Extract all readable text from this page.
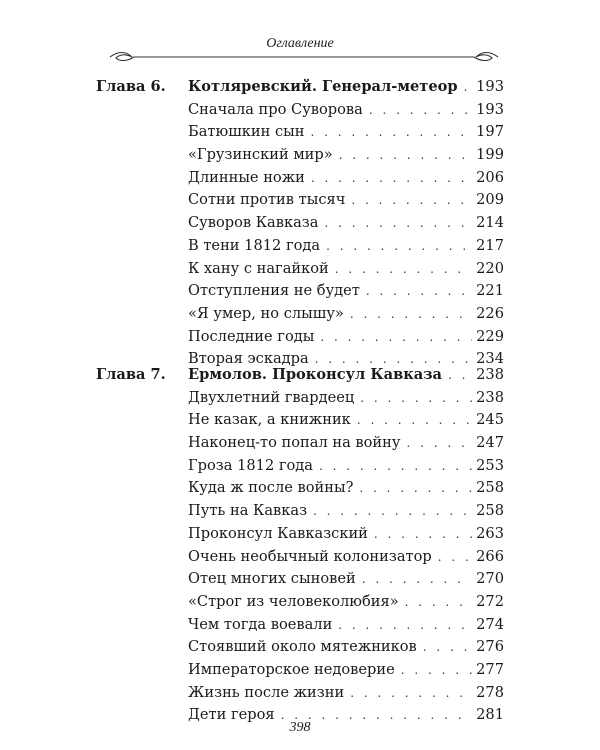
Оглавление
Глава 6.	Котляревский. Генерал-метеор . . . 193
Сначала про Суворова . . .	193
Батюшкин сын . . .	197
«Грузинский мир» . . .	199
Длинные ножи . . .	206
Сотни против тысяч . . .	209
Суворов Кавказа . . .	214
В тени 1812 года . . .	217
К хану с нагайкой . . .	220
Отступления не будет . . .	221
«Я умер, но слышу» . . .	226
Последние годы . . .	229
Вторая эскадра . . .	234
Глава 7.	Ермолов. Проконсул Кавказа . . . 238
Двухлетний гвардеец . . .	238
Не казак, а книжник . . .	245
Наконец-то попал на войну . . .	247
Гроза 1812 года . . .	253
Куда ж после войны? . . .	258
Путь на Кавказ . . .	258
Проконсул Кавказский . . .	263
Очень необычный колонизатор . . .	266
Отец многих сыновей . . .	270
«Строг из человеколюбия» . . .	272
Чем тогда воевали . . .	274
Стоявший около мятежников . . .	276
Императорское недоверие . . .	277
Жизнь после жизни . . .	278
Дети героя . . .	281
398
